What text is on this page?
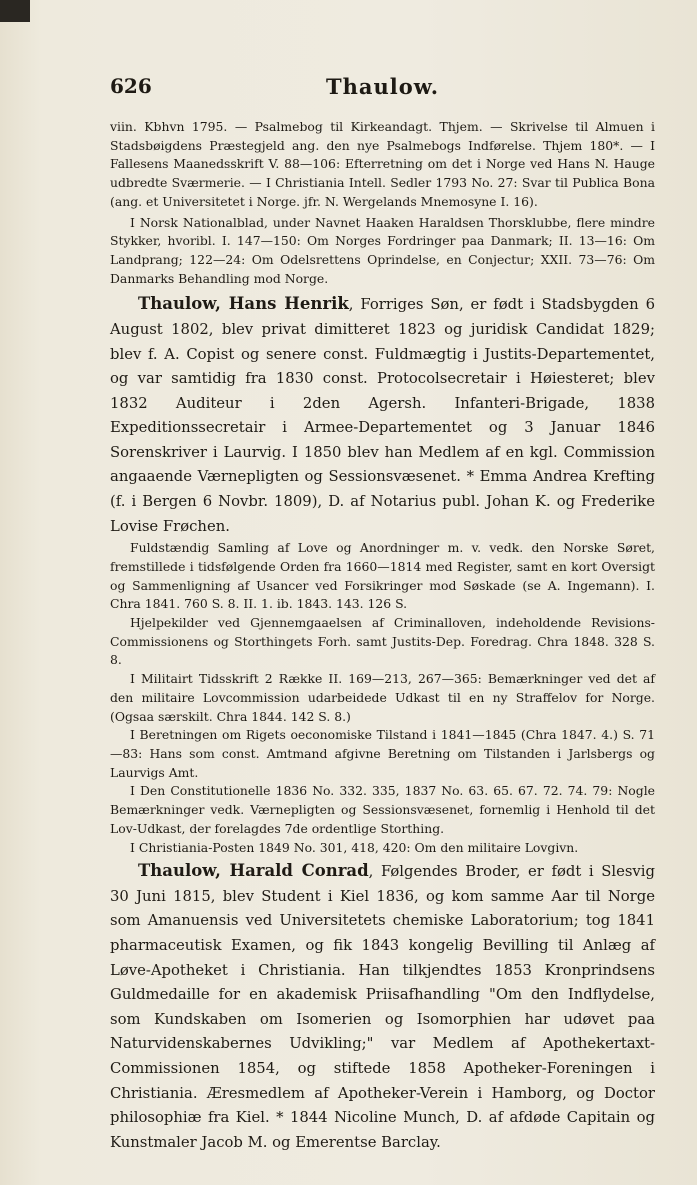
626	Thaulow.

viin. Kbhvn 1795. — Psalmebog til Kirkeandagt. Thjem. — Skrivelse til Almuen i Stadsbøigdens Præstegjeld ang. den nye Psalmebogs Indførelse. Thjem 180*. — I Fallesens Maanedsskrift V. 88—106: Efterretning om det i Norge ved Hans N. Hauge udbredte Sværmerie. — I Christiania Intell. Sedler 1793 No. 27: Svar til Publica Bona (ang. et Universitetet i Norge. jfr. N. Wergelands Mnemosyne I. 16).

I Norsk Nationalblad, under Navnet Haaken Haraldsen Thorsklubbe, flere mindre Stykker, hvoribl. I. 147—150: Om Norges Fordringer paa Danmark; II. 13—16: Om Landprang; 122—24: Om Odelsrettens Oprindelse, en Conjectur; XXII. 73—76: Om Danmarks Behandling mod Norge.

Thaulow, Hans Henrik, Forriges Søn, er født i Stadsbygden 6 August 1802, blev privat dimitteret 1823 og juridisk Candidat 1829; blev f. A. Copist og senere const. Fuldmægtig i Justits-Departementet, og var samtidig fra 1830 const. Protocolsecretair i Høiesteret; blev 1832 Auditeur i 2den Agersh. Infanteri-Brigade, 1838 Expeditionssecretair i Armee-Departementet og 3 Januar 1846 Sorenskriver i Laurvig. I 1850 blev han Medlem af en kgl. Commission angaaende Værnepligten og Sessionsvæsenet. * Emma Andrea Krefting (f. i Bergen 6 Novbr. 1809), D. af Notarius publ. Johan K. og Frederike Lovise Frøchen.

Fuldstændig Samling af Love og Anordninger m. v. vedk. den Norske Søret, fremstillede i tidsfølgende Orden fra 1660—1814 med Register, samt en kort Oversigt og Sammenligning af Usancer ved Forsikringer mod Søskade (se A. Ingemann). I. Chra 1841. 760 S. 8. II. 1. ib. 1843. 143. 126 S.

Hjelpekilder ved Gjennemgaaelsen af Criminalloven, indeholdende Revisions-Commissionens og Storthingets Forh. samt Justits-Dep. Foredrag. Chra 1848. 328 S. 8.

I Militairt Tidsskrift 2 Række II. 169—213, 267—365: Bemærkninger ved det af den militaire Lovcommission udarbeidede Udkast til en ny Straffelov for Norge. (Ogsaa særskilt. Chra 1844. 142 S. 8.)

I Beretningen om Rigets oeconomiske Tilstand i 1841—1845 (Chra 1847. 4.) S. 71—83: Hans som const. Amtmand afgivne Beretning om Tilstanden i Jarlsbergs og Laurvigs Amt.

I Den Constitutionelle 1836 No. 332. 335, 1837 No. 63. 65. 67. 72. 74. 79: Nogle Bemærkninger vedk. Værnepligten og Sessionsvæsenet, fornemlig i Henhold til det Lov-Udkast, der forelagdes 7de ordentlige Storthing.

I Christiania-Posten 1849 No. 301, 418, 420: Om den militaire Lovgivn.

Thaulow, Harald Conrad, Følgendes Broder, er født i Slesvig 30 Juni 1815, blev Student i Kiel 1836, og kom samme Aar til Norge som Amanuensis ved Universitetets chemiske Laboratorium; tog 1841 pharmaceutisk Examen, og fik 1843 kongelig Bevilling til Anlæg af Løve-Apotheket i Christiania. Han tilkjendtes 1853 Kronprindsens Guldmedaille for en akademisk Priisafhandling "Om den Indflydelse, som Kundskaben om Isomerien og Isomorphien har udøvet paa Naturvidenskabernes Udvikling;" var Medlem af Apothekertaxt-Commissionen 1854, og stiftede 1858 Apotheker-Foreningen i Christiania. Æresmedlem af Apotheker-Verein i Hamborg, og Doctor philosophiæ fra Kiel. * 1844 Nicoline Munch, D. af afdøde Capitain og Kunstmaler Jacob M. og Emerentse Barclay.
